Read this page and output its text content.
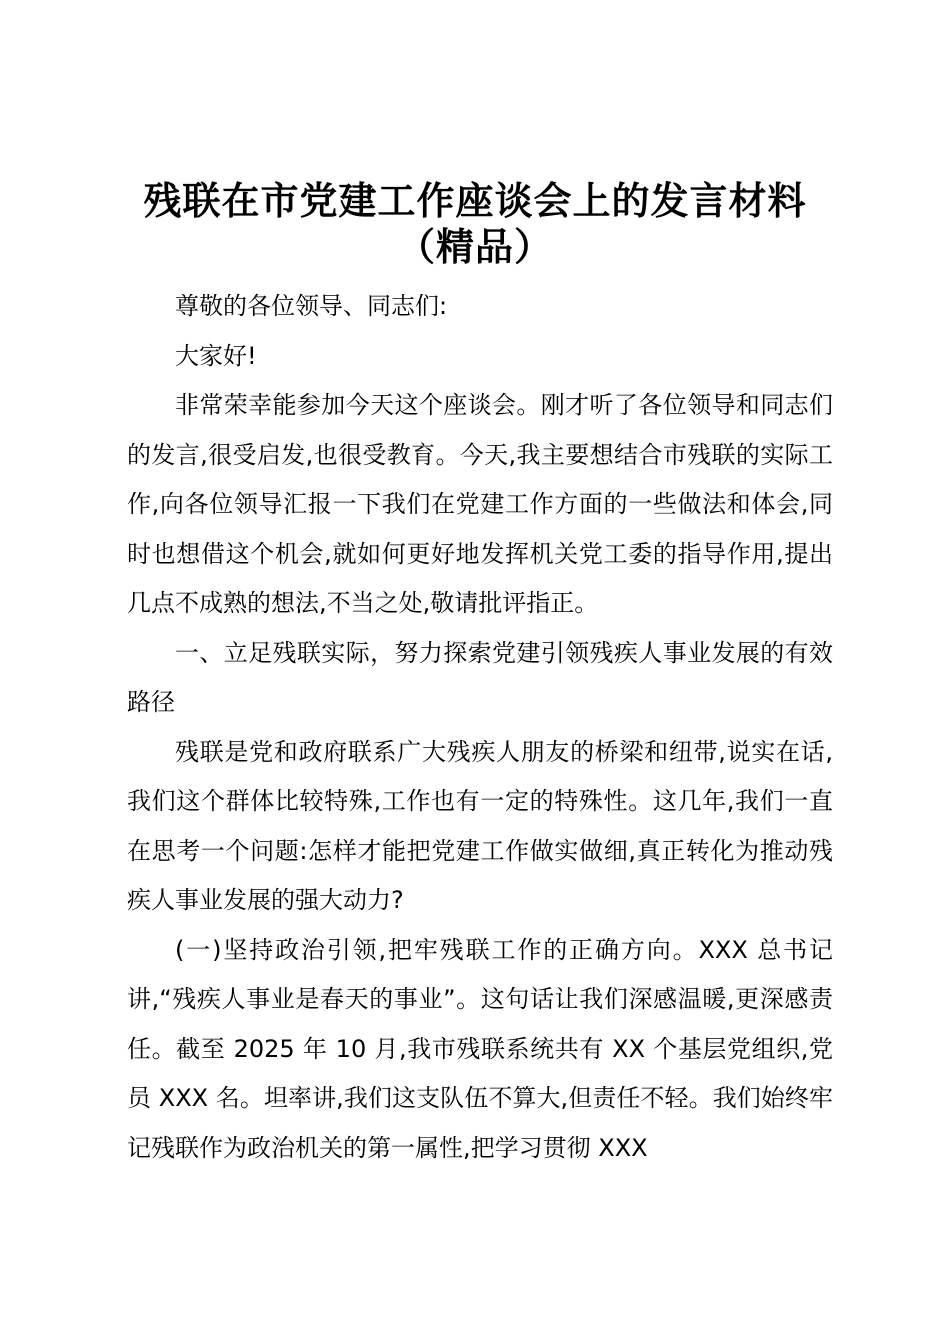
残联在市党建工作座谈会上的发言材料
（精品）

尊敬的各位领导、同志们:

大家好!

非常荣幸能参加今天这个座谈会。刚才听了各位领导和同志们的发言,很受启发,也很受教育。今天,我主要想结合市残联的实际工作,向各位领导汇报一下我们在党建工作方面的一些做法和体会,同时也想借这个机会,就如何更好地发挥机关党工委的指导作用,提出几点不成熟的想法,不当之处,敬请批评指正。

一、立足残联实际，努力探索党建引领残疾人事业发展的有效路径

残联是党和政府联系广大残疾人朋友的桥梁和纽带,说实在话,我们这个群体比较特殊,工作也有一定的特殊性。这几年,我们一直在思考一个问题:怎样才能把党建工作做实做细,真正转化为推动残疾人事业发展的强大动力?

(一)坚持政治引领,把牢残联工作的正确方向。XXX 总书记讲,“残疾人事业是春天的事业”。这句话让我们深感温暖,更深感责任。截至 2025 年 10 月,我市残联系统共有 XX 个基层党组织,党员 XXX 名。坦率讲,我们这支队伍不算大,但责任不轻。我们始终牢记残联作为政治机关的第一属性,把学习贯彻 XXX
